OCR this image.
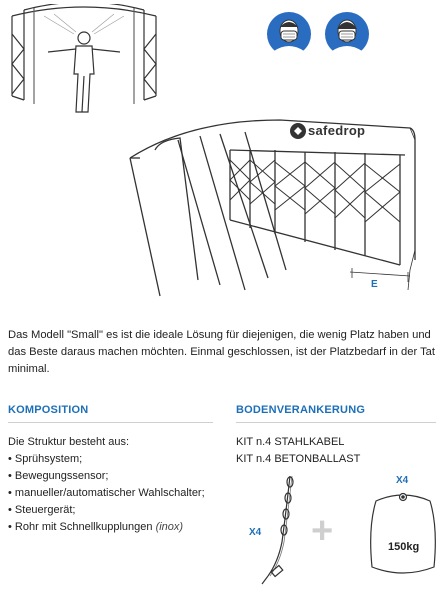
safedrop
E

Das Modell "Small" es ist die ideale Lösung für diejenigen, die wenig Platz haben und das Beste daraus machen möchten. Einmal geschlossen, ist der Platzbedarf in der Tat minimal.

KOMPOSITION

Die Struktur besteht aus:

• Sprühsystem;
• Bewegungssensor;
• manueller/automatischer Wahlschalter;
• Steuergerät;
• Rohr mit Schnellkupplungen (inox)
BODENVERANKERUNG

KIT n.4 STAHLKABEL

KIT n.4 BETONBALLAST

X4 +
X4
150kg
